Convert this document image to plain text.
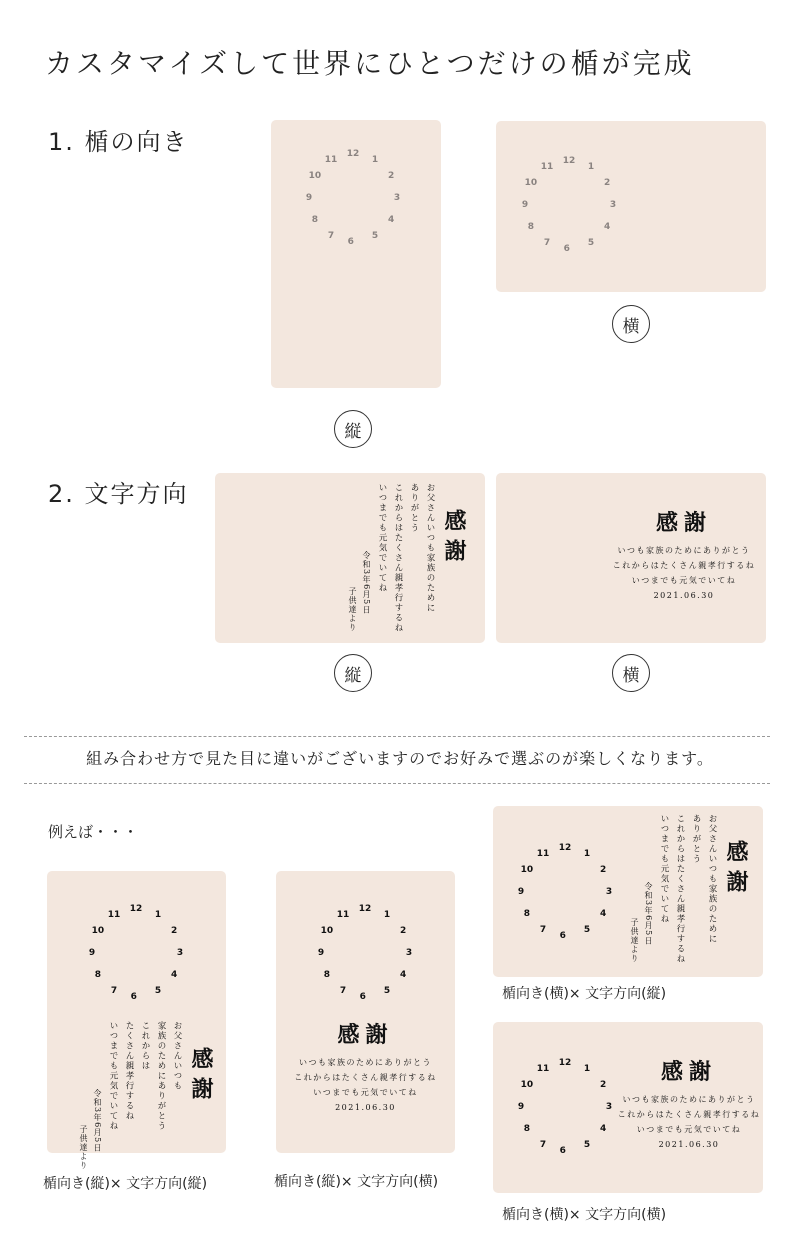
カスタマイズして世界にひとつだけの楯が完成
1. 楯の向き	12
1
2
3
4
5
6
7
8
9
10
11
縦
12
1
2
3
4
5
6
7
8
9
10
11
横
2. 文字方向
感謝
お父さんいつも家族のために
ありがとう
これからはたくさん親孝行するね
いつまでも元気でいてね
令和3年6月5日
子供達より
縦
感謝
いつも家族のためにありがとう
これからはたくさん親孝行するね
いつまでも元気でいてね
2021.06.30
横
組み合わせ方で見た目に違いがございますのでお好みで選ぶのが楽しくなります。
例えば・・・
12
1
2
3
4
5
6
7
8
9
10
11
感謝
お父さんいつも
家族のためにありがとう
これからは
たくさん親孝行するね
いつまでも元気でいてね
令和3年6月5日
子供達より
楯向き(縦)× 文字方向(縦)
12
1
2
3
4
5
6
7
8
9
10
11
感謝
いつも家族のためにありがとう
これからはたくさん親孝行するね
いつまでも元気でいてね
2021.06.30
楯向き(縦)× 文字方向(横)
12
1
2
3
4
5
6
7
8
9
10
11	感謝
お父さんいつも家族のために
ありがとう
これからはたくさん親孝行するね
いつまでも元気でいてね
令和3年6月5日
子供達より
楯向き(横)× 文字方向(縦)
12
1
2
3
4
5
6
7
8
9
10
11	感謝
いつも家族のためにありがとう
これからはたくさん親孝行するね
いつまでも元気でいてね
2021.06.30
楯向き(横)× 文字方向(横)
